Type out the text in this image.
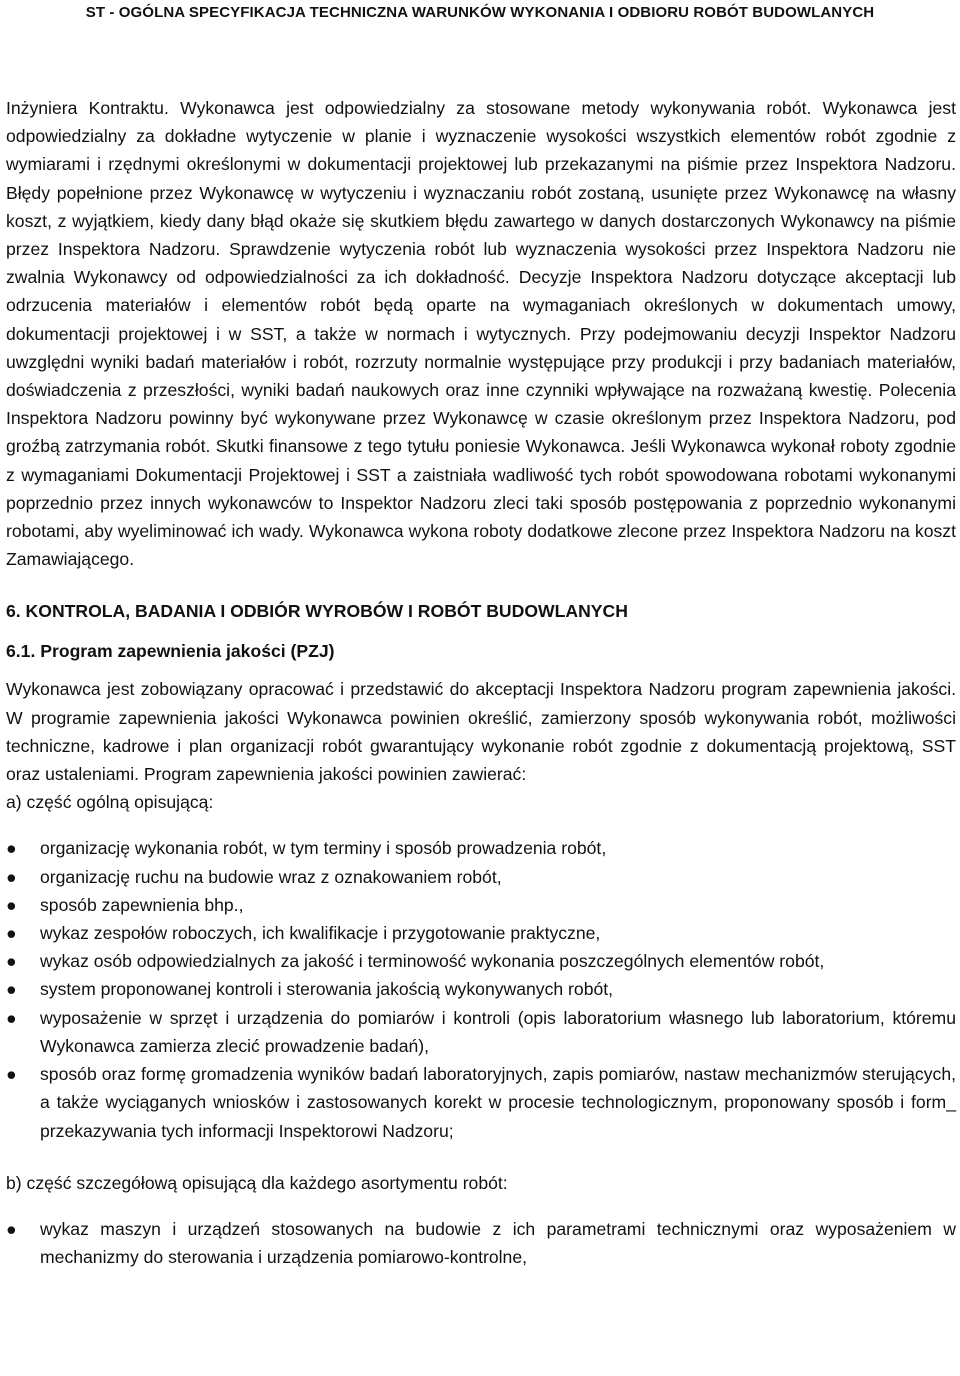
ST - OGÓLNA SPECYFIKACJA TECHNICZNA WARUNKÓW WYKONANIA I ODBIORU ROBÓT BUDOWLANYCH

Inżyniera Kontraktu. Wykonawca jest odpowiedzialny za stosowane metody wykonywania robót. Wykonawca jest odpowiedzialny za dokładne wytyczenie w planie i wyznaczenie wysokości wszystkich elementów robót zgodnie z wymiarami i rzędnymi określonymi w dokumentacji projektowej lub przekazanymi na piśmie przez Inspektora Nadzoru. Błędy popełnione przez Wykonawcę w wytyczeniu i wyznaczaniu robót zostaną, usunięte przez Wykonawcę na własny koszt, z wyjątkiem, kiedy dany błąd okaże się skutkiem błędu zawartego w danych dostarczonych Wykonawcy na piśmie przez Inspektora Nadzoru. Sprawdzenie wytyczenia robót lub wyznaczenia wysokości przez Inspektora Nadzoru nie zwalnia Wykonawcy od odpowiedzialności za ich dokładność. Decyzje Inspektora Nadzoru dotyczące akceptacji lub odrzucenia materiałów i elementów robót będą oparte na wymaganiach określonych w dokumentach umowy, dokumentacji projektowej i w SST, a także w normach i wytycznych. Przy podejmowaniu decyzji Inspektor Nadzoru uwzględni wyniki badań materiałów i robót, rozrzuty normalnie występujące przy produkcji i przy badaniach materiałów, doświadczenia z przeszłości, wyniki badań naukowych oraz inne czynniki wpływające na rozważaną kwestię. Polecenia Inspektora Nadzoru powinny być wykonywane przez Wykonawcę w czasie określonym przez Inspektora Nadzoru, pod groźbą zatrzymania robót. Skutki finansowe z tego tytułu poniesie Wykonawca. Jeśli Wykonawca wykonał roboty zgodnie z wymaganiami Dokumentacji Projektowej i SST a zaistniała wadliwość tych robót spowodowana robotami wykonanymi poprzednio przez innych wykonawców to Inspektor Nadzoru zleci taki sposób postępowania z poprzednio wykonanymi robotami, aby wyeliminować ich wady. Wykonawca wykona roboty dodatkowe zlecone przez Inspektora Nadzoru na koszt Zamawiającego.

6. KONTROLA, BADANIA I ODBIÓR WYROBÓW I ROBÓT BUDOWLANYCH
6.1. Program zapewnienia jakości (PZJ)

Wykonawca jest zobowiązany opracować i przedstawić do akceptacji Inspektora Nadzoru program zapewnienia jakości. W programie zapewnienia jakości Wykonawca powinien określić, zamierzony sposób wykonywania robót, możliwości techniczne, kadrowe i plan organizacji robót gwarantujący wykonanie robót zgodnie z dokumentacją projektową, SST oraz ustaleniami. Program zapewnienia jakości powinien zawierać:

a) część ogólną opisującą:

●	organizację wykonania robót, w tym terminy i sposób prowadzenia robót,
●	organizację ruchu na budowie wraz z oznakowaniem robót,
●	sposób zapewnienia bhp.,
●	wykaz zespołów roboczych, ich kwalifikacje i przygotowanie praktyczne,
●	wykaz osób odpowiedzialnych za jakość i terminowość wykonania poszczególnych elementów robót,
●	system proponowanej kontroli i sterowania jakością wykonywanych robót,
●	wyposażenie w sprzęt i urządzenia do pomiarów i kontroli (opis laboratorium własnego lub laboratorium, któremu Wykonawca zamierza zlecić prowadzenie badań),
●	sposób oraz formę gromadzenia wyników badań laboratoryjnych, zapis pomiarów, nastaw mechanizmów sterujących, a także wyciąganych wniosków i zastosowanych korekt w procesie technologicznym, proponowany sposób i form_ przekazywania tych informacji Inspektorowi Nadzoru;

b) część szczegółową opisującą dla każdego asortymentu robót:

●	wykaz maszyn i urządzeń stosowanych na budowie z ich parametrami technicznymi oraz wyposażeniem w mechanizmy do sterowania i urządzenia pomiarowo-kontrolne,
